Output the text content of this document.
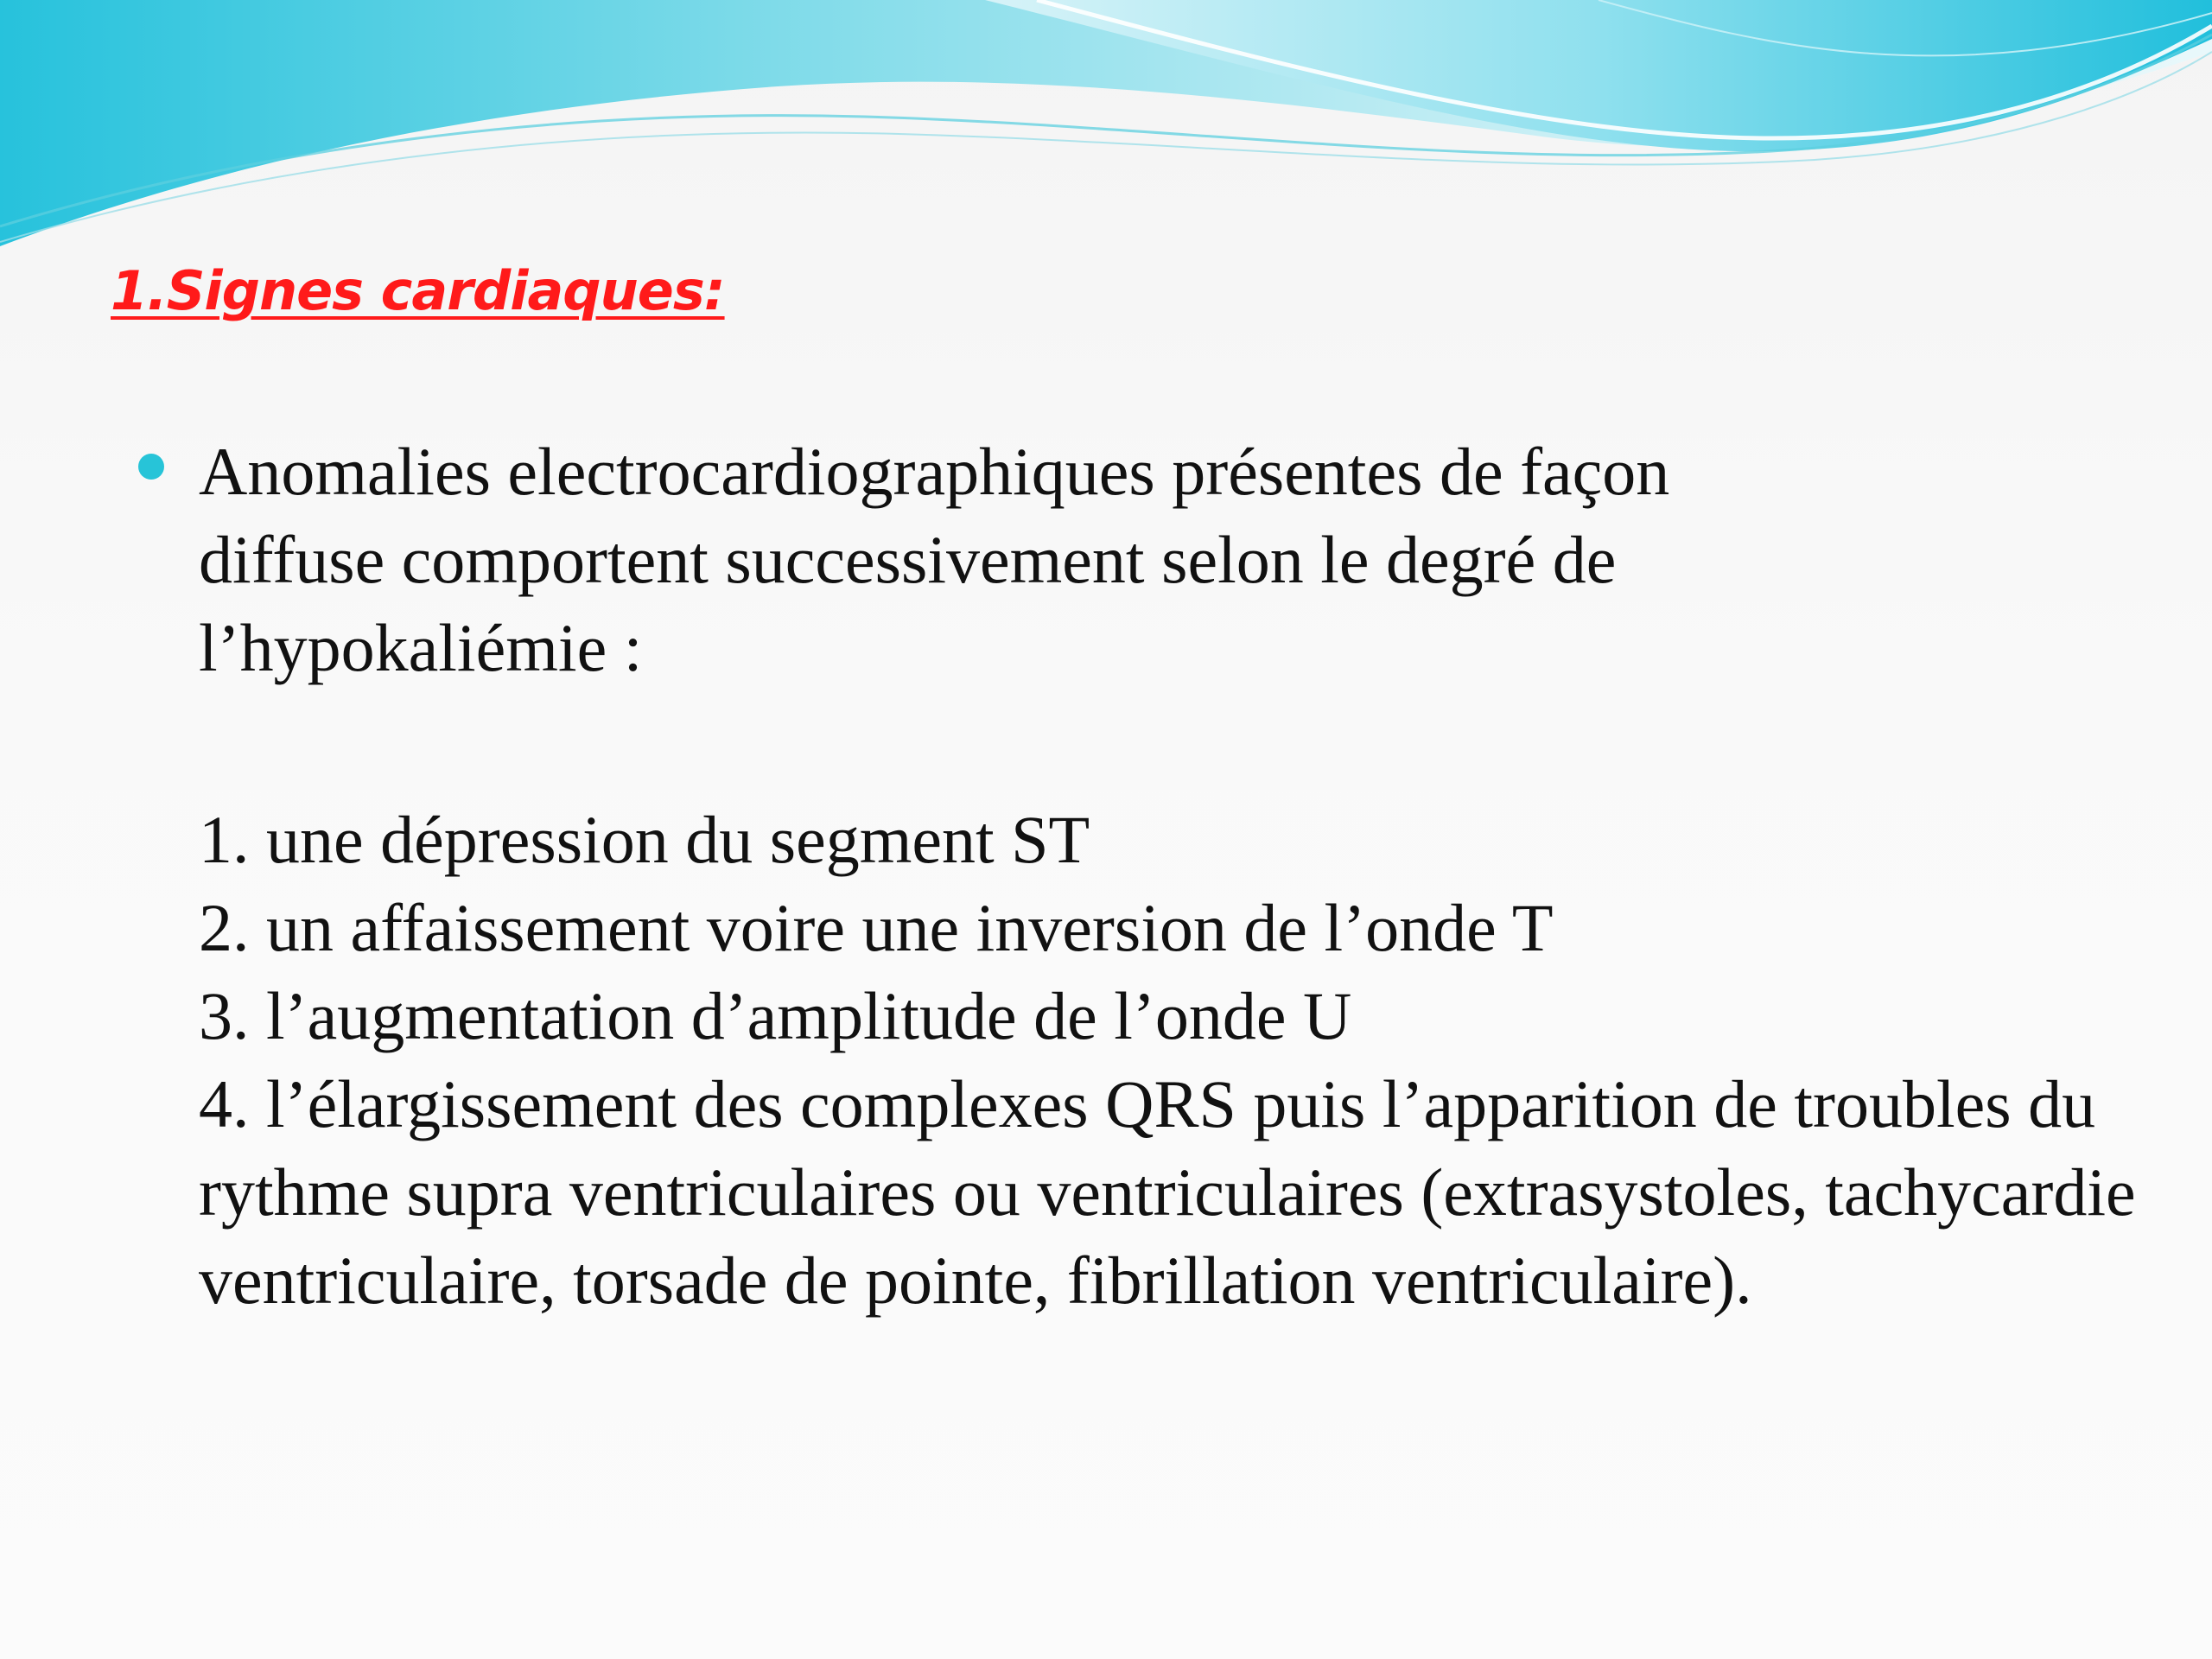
1.Signes cardiaques:

Anomalies electrocardiographiques présentes de façon
diffuse comportent successivement selon le degré de
l’hypokaliémie :

1. une dépression du segment ST

2. un affaissement voire une inversion de l’onde T

3. l’augmentation d’amplitude de l’onde U

4. l’élargissement des complexes QRS puis l’apparition de troubles du rythme supra ventriculaires ou ventriculaires (extrasystoles, tachycardie ventriculaire, torsade de pointe, fibrillation ventriculaire).
